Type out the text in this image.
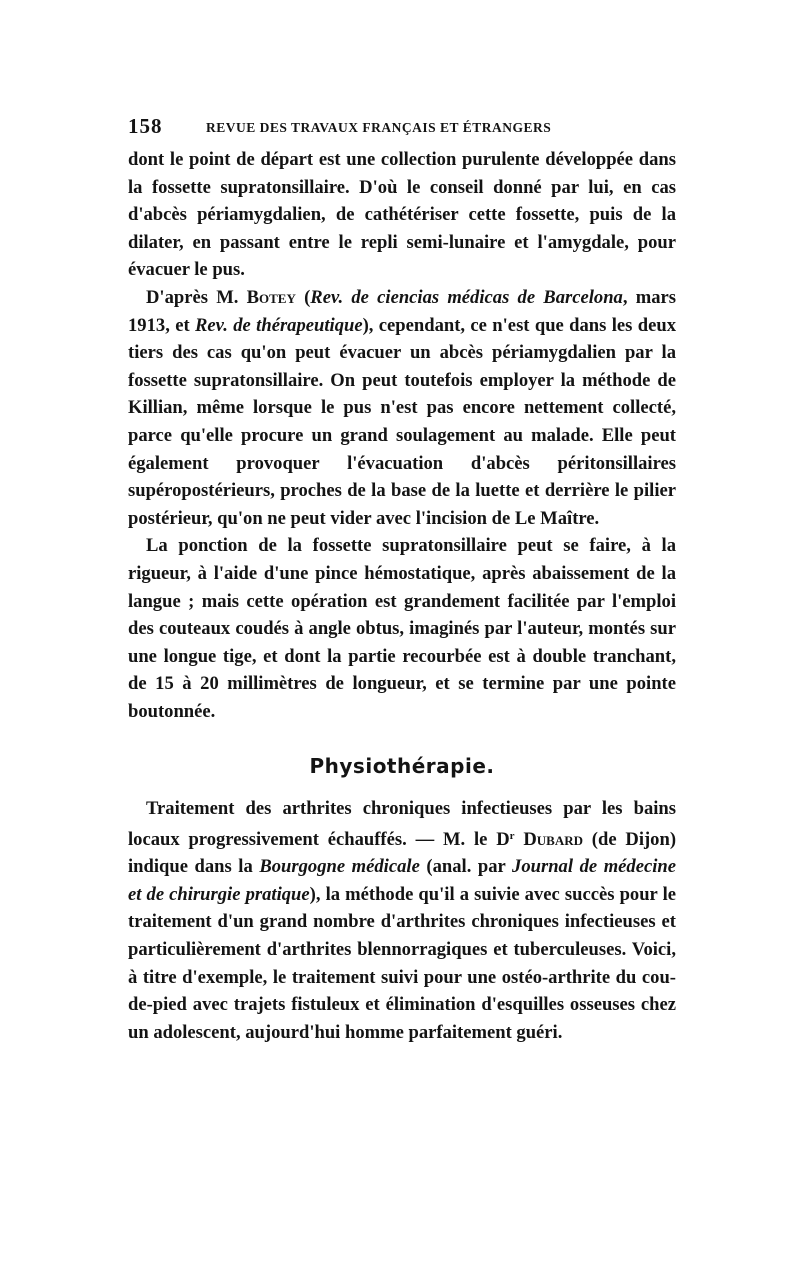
158	REVUE DES TRAVAUX FRANÇAIS ET ÉTRANGERS

dont le point de départ est une collection purulente développée dans la fossette supratonsillaire. D'où le conseil donné par lui, en cas d'abcès périamygdalien, de cathétériser cette fossette, puis de la dilater, en passant entre le repli semi-lunaire et l'amygdale, pour évacuer le pus.

D'après M. Botey (Rev. de ciencias médicas de Barcelona, mars 1913, et Rev. de thérapeutique), cependant, ce n'est que dans les deux tiers des cas qu'on peut évacuer un abcès périamygdalien par la fossette supratonsillaire. On peut toutefois employer la méthode de Killian, même lorsque le pus n'est pas encore nettement collecté, parce qu'elle procure un grand soulagement au malade. Elle peut également provoquer l'évacuation d'abcès péritonsillaires supéropostérieurs, proches de la base de la luette et derrière le pilier postérieur, qu'on ne peut vider avec l'incision de Le Maître.

La ponction de la fossette supratonsillaire peut se faire, à la rigueur, à l'aide d'une pince hémostatique, après abaissement de la langue ; mais cette opération est grandement facilitée par l'emploi des couteaux coudés à angle obtus, imaginés par l'auteur, montés sur une longue tige, et dont la partie recourbée est à double tranchant, de 15 à 20 millimètres de longueur, et se termine par une pointe boutonnée.

Physiothérapie.

Traitement des arthrites chroniques infectieuses par les bains locaux progressivement échauffés. — M. le $D^r$ Dubard (de Dijon) indique dans la Bourgogne médicale (anal. par Journal de médecine et de chirurgie pratique), la méthode qu'il a suivie avec succès pour le traitement d'un grand nombre d'arthrites chroniques infectieuses et particulièrement d'arthrites blennorragiques et tuberculeuses. Voici, à titre d'exemple, le traitement suivi pour une ostéo-arthrite du cou-de-pied avec trajets fistuleux et élimination d'esquilles osseuses chez un adolescent, aujourd'hui homme parfaitement guéri.
